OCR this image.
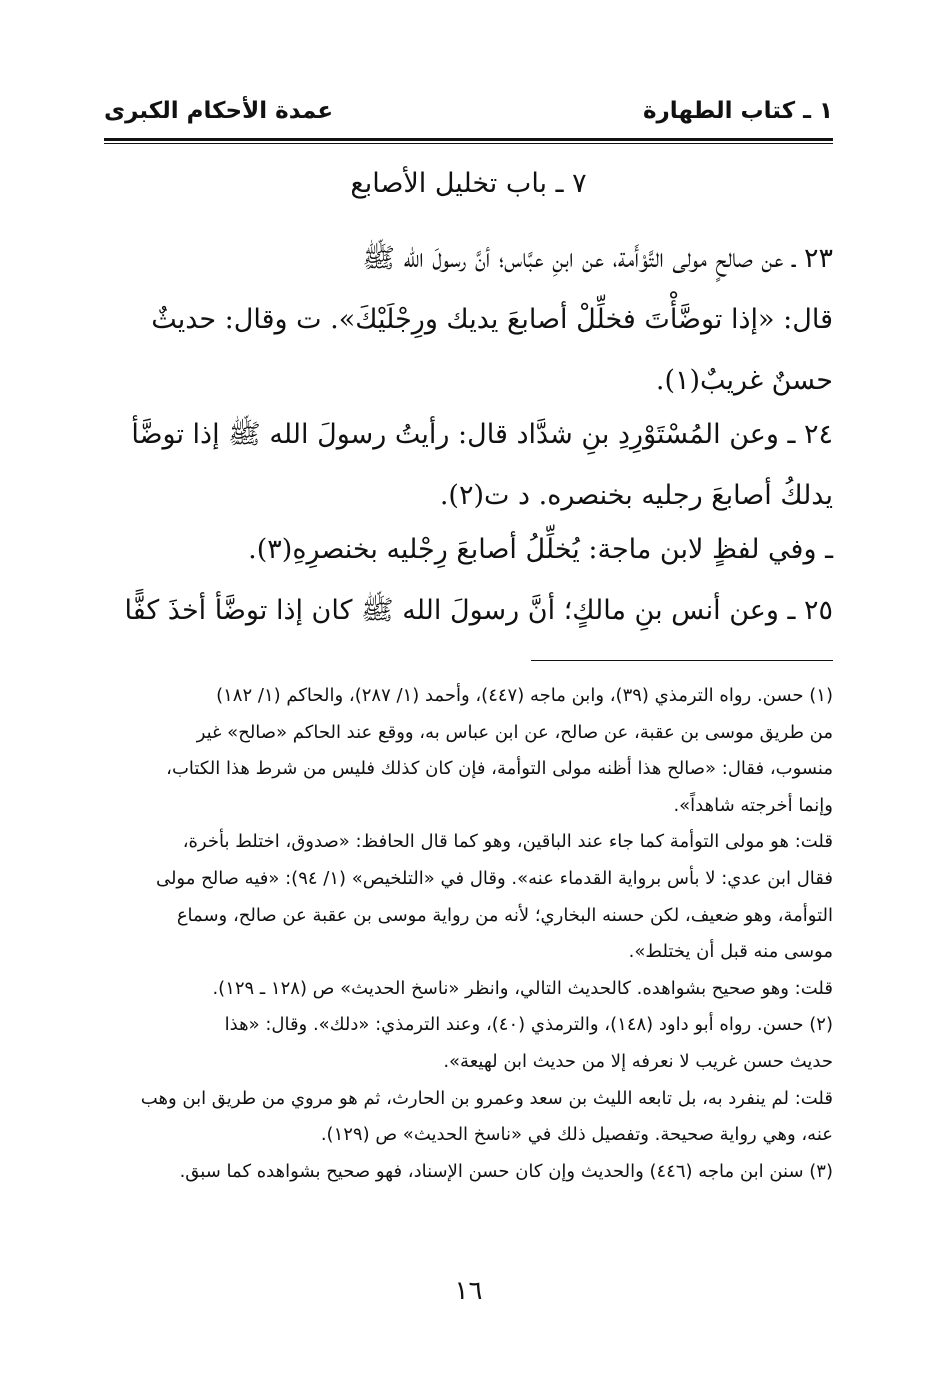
١ ـ كتاب الطهارة
عمدة الأحكام الكبرى
٧ ـ باب تخليل الأصابع
٢٣ ـ عن صالحٍ مولى التَّوْأَمة، عن ابنِ عبَّاس؛ أنَّ رسولَ الله ﷺ
قال: «إذا توضَّأْتَ فخلِّلْ أصابعَ يديك ورِجْلَيْكَ». ت وقال: حديثٌ
حسنٌ غريبٌ(١).
٢٤ ـ وعن المُسْتَوْرِدِ بنِ شدَّاد قال: رأيتُ رسولَ الله ﷺ إذا توضَّأ
يدلكُ أصابعَ رجليه بخنصره. د ت(٢).
ـ وفي لفظٍ لابن ماجة: يُخلِّلُ أصابعَ رِجْليه بخنصرِهِ(٣).
٢٥ ـ وعن أنس بنِ مالكٍ؛ أنَّ رسولَ الله ﷺ كان إذا توضَّأ أخذَ كفًّا
(١) حسن. رواه الترمذي (٣٩)، وابن ماجه (٤٤٧)، وأحمد (١/ ٢٨٧)، والحاكم (١/ ١٨٢)
من طريق موسى بن عقبة، عن صالح، عن ابن عباس به، ووقع عند الحاكم «صالح» غير
منسوب، فقال: «صالح هذا أظنه مولى التوأمة، فإن كان كذلك فليس من شرط هذا الكتاب،
وإنما أخرجته شاهداً».
قلت: هو مولى التوأمة كما جاء عند الباقين، وهو كما قال الحافظ: «صدوق، اختلط بأخرة،
فقال ابن عدي: لا بأس برواية القدماء عنه». وقال في «التلخيص» (١/ ٩٤): «فيه صالح مولى
التوأمة، وهو ضعيف، لكن حسنه البخاري؛ لأنه من رواية موسى بن عقبة عن صالح، وسماع
موسى منه قبل أن يختلط».
قلت: وهو صحيح بشواهده. كالحديث التالي، وانظر «ناسخ الحديث» ص (١٢٨ ـ ١٢٩).
(٢) حسن. رواه أبو داود (١٤٨)، والترمذي (٤٠)، وعند الترمذي: «دلك». وقال: «هذا
حديث حسن غريب لا نعرفه إلا من حديث ابن لهيعة».
قلت: لم ينفرد به، بل تابعه الليث بن سعد وعمرو بن الحارث، ثم هو مروي من طريق ابن وهب
عنه، وهي رواية صحيحة. وتفصيل ذلك في «ناسخ الحديث» ص (١٢٩).
(٣) سنن ابن ماجه (٤٤٦) والحديث وإن كان حسن الإسناد، فهو صحيح بشواهده كما سبق.
١٦
